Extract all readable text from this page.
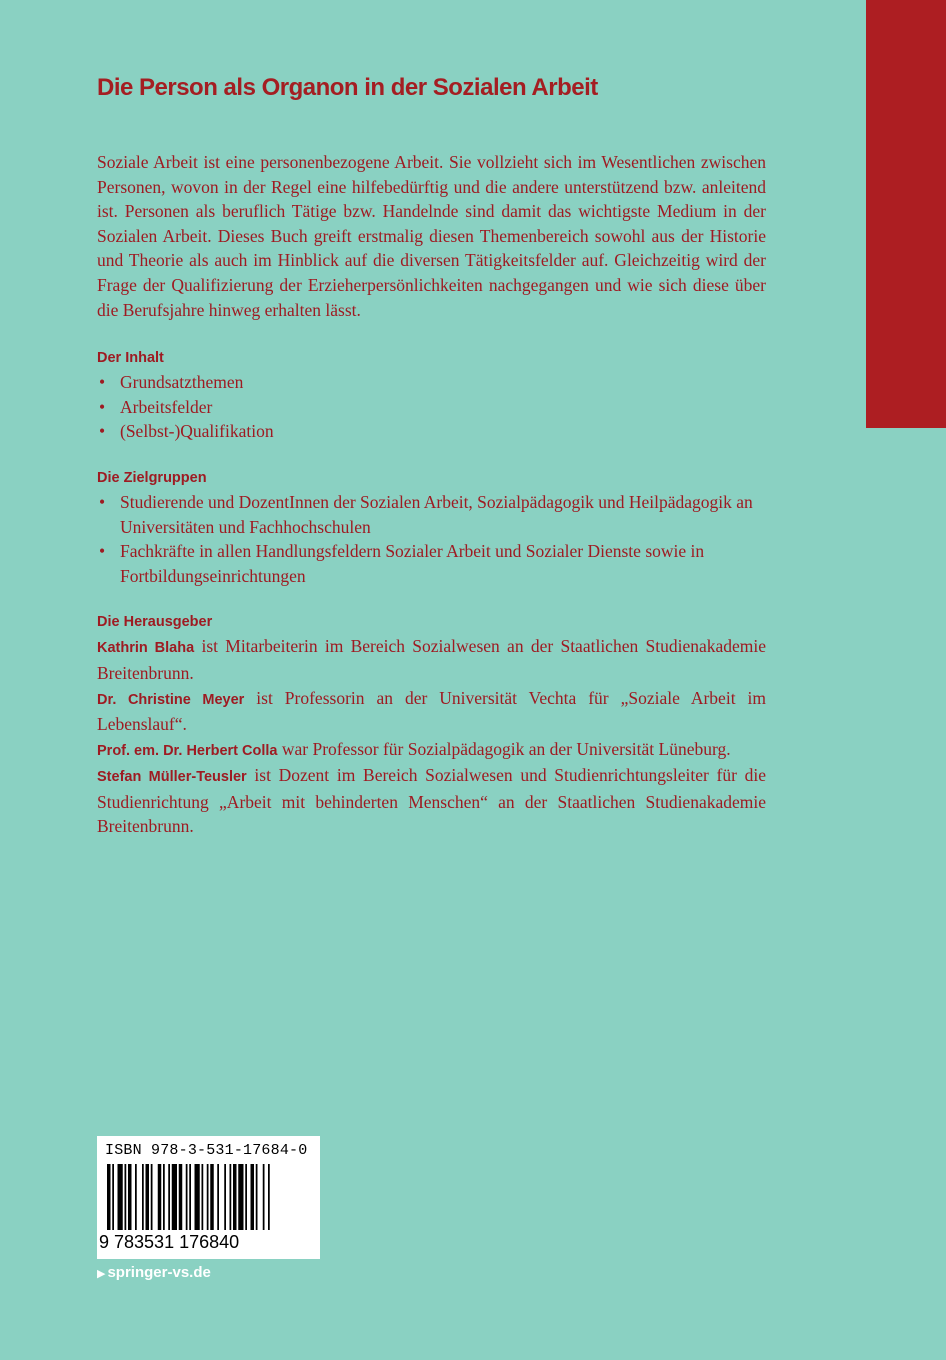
Die Person als Organon in der Sozialen Arbeit

Soziale Arbeit ist eine personenbezogene Arbeit. Sie vollzieht sich im Wesentlichen zwischen Personen, wovon in der Regel eine hilfebedürftig und die andere unterstützend bzw. anleitend ist. Personen als beruflich Tätige bzw. Handelnde sind damit das wichtigste Medium in der Sozialen Arbeit. Dieses Buch greift erstmalig diesen Themenbereich sowohl aus der Historie und Theorie als auch im Hinblick auf die diversen Tätigkeitsfelder auf. Gleichzeitig wird der Frage der Qualifizierung der Erzieherpersönlichkeiten nachgegangen und wie sich diese über die Berufsjahre hinweg erhalten lässt.

Der Inhalt
• Grundsatzthemen
• Arbeitsfelder
• (Selbst-)Qualifikation
Die Zielgruppen
• Studierende und DozentInnen der Sozialen Arbeit, Sozialpädagogik und Heilpädagogik an Universitäten und Fachhochschulen
• Fachkräfte in allen Handlungsfeldern Sozialer Arbeit und Sozialer Dienste sowie in Fortbildungseinrichtungen
Die Herausgeber

Kathrin Blaha ist Mitarbeiterin im Bereich Sozialwesen an der Staatlichen Studienakademie Breitenbrunn.

Dr. Christine Meyer ist Professorin an der Universität Vechta für „Soziale Arbeit im Lebenslauf“.

Prof. em. Dr. Herbert Colla war Professor für Sozialpädagogik an der Universität Lüneburg.

Stefan Müller-Teusler ist Dozent im Bereich Sozialwesen und Studienrichtungsleiter für die Studienrichtung „Arbeit mit behinderten Menschen“ an der Staatlichen Studienakademie Breitenbrunn.

ISBN 978-3-531-17684-0
9 783531 176840
▶ springer-vs.de
